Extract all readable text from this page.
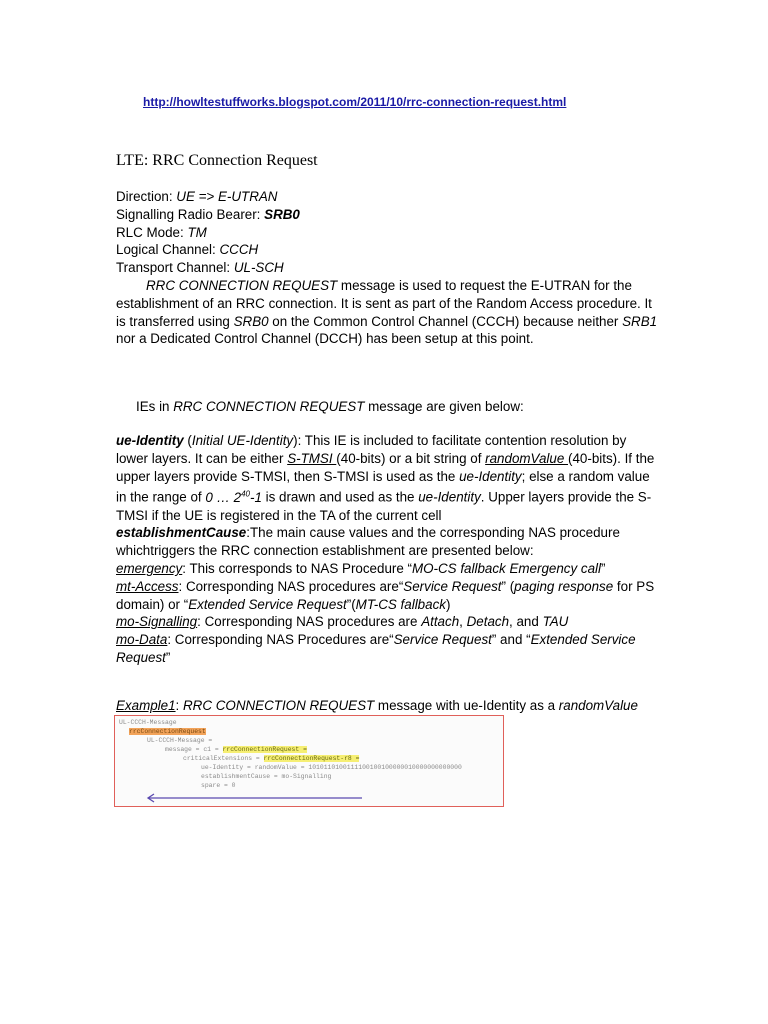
http://howltestuffworks.blogspot.com/2011/10/rrc-connection-request.html
LTE: RRC Connection Request

Direction: UE => E-UTRAN

Signalling Radio Bearer: SRB0

RLC Mode: TM

Logical Channel: CCCH

Transport Channel: UL-SCH

RRC CONNECTION REQUEST message is used to request the E-UTRAN for the establishment of an RRC connection. It is sent as part of the Random Access procedure. It is transferred using SRB0 on the Common Control Channel (CCCH) because neither SRB1 nor a Dedicated Control Channel (DCCH) has been setup at this point.

IEs in RRC CONNECTION REQUEST message are given below:

ue-Identity (Initial UE-Identity): This IE is included to facilitate contention resolution by lower layers. It can be either S-TMSI (40-bits) or a bit string of randomValue (40-bits). If the upper layers provide S-TMSI, then S-TMSI is used as the ue-Identity; else a random value in the range of 0 … $2^{40}-1$ is drawn and used as the ue-Identity. Upper layers provide the S-TMSI if the UE is registered in the TA of the current cell

establishmentCause:The main cause values and the corresponding NAS procedure whichtriggers the RRC connection establishment are presented below:

emergency: This corresponds to NAS Procedure “MO-CS fallback Emergency call”

mt-Access: Corresponding NAS procedures are“Service Request” (paging response for PS domain) or “Extended Service Request”(MT-CS fallback)

mo-Signalling: Corresponding NAS procedures are Attach, Detach, and TAU

mo-Data: Corresponding NAS Procedures are“Service Request” and “Extended Service Request”

Example1: RRC CONNECTION REQUEST message with ue-Identity as a randomValue

UL-CCCH-Message
rrcConnectionRequest
UL-CCCH-Message =
message = c1 = rrcConnectionRequest =
criticalExtensions = rrcConnectionRequest-r8 =
ue-Identity = randomValue = 1010110100111100100100000010000000000000
establishmentCause = mo-Signalling
spare = 0
